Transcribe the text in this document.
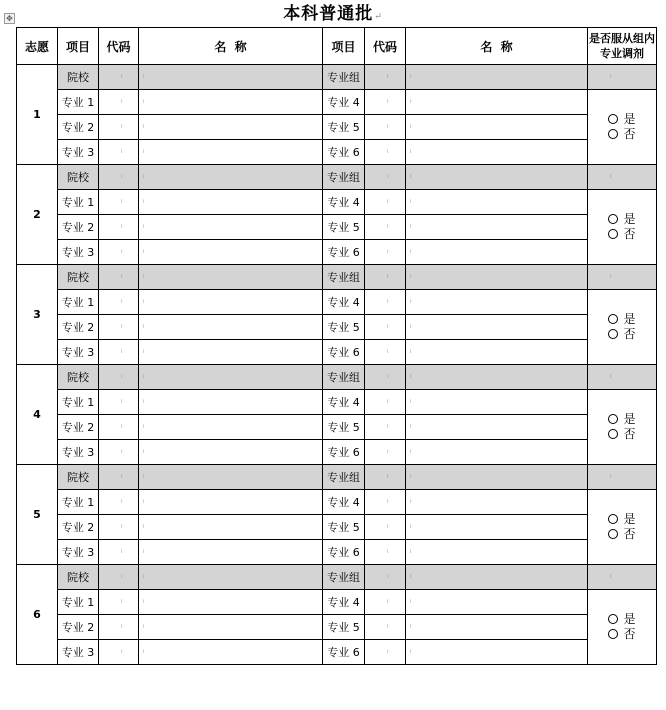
✥	本科普通批↵
志愿	项目	代码	名  称	项目	代码	名  称	是否服从组内专业调剂
1	院校	ᵢ	ᵢ	专业组	ᵢ	ᵢ	ᵢ
	专业 1	ᵢ	ᵢ	专业 4	ᵢ	ᵢ	是
否

	专业 2	ᵢ	ᵢ	专业 5	ᵢ	ᵢ
	专业 3	ᵢ	ᵢ	专业 6	ᵢ	ᵢ
2	院校	ᵢ	ᵢ	专业组	ᵢ	ᵢ	ᵢ
	专业 1	ᵢ	ᵢ	专业 4	ᵢ	ᵢ	是
否

	专业 2	ᵢ	ᵢ	专业 5	ᵢ	ᵢ
	专业 3	ᵢ	ᵢ	专业 6	ᵢ	ᵢ
3	院校	ᵢ	ᵢ	专业组	ᵢ	ᵢ	ᵢ
	专业 1	ᵢ	ᵢ	专业 4	ᵢ	ᵢ	是
否

	专业 2	ᵢ	ᵢ	专业 5	ᵢ	ᵢ
	专业 3	ᵢ	ᵢ	专业 6	ᵢ	ᵢ
4	院校	ᵢ	ᵢ	专业组	ᵢ	ᵢ	ᵢ
	专业 1	ᵢ	ᵢ	专业 4	ᵢ	ᵢ	是
否

	专业 2	ᵢ	ᵢ	专业 5	ᵢ	ᵢ
	专业 3	ᵢ	ᵢ	专业 6	ᵢ	ᵢ
5	院校	ᵢ	ᵢ	专业组	ᵢ	ᵢ	ᵢ
	专业 1	ᵢ	ᵢ	专业 4	ᵢ	ᵢ	是
否

	专业 2	ᵢ	ᵢ	专业 5	ᵢ	ᵢ
	专业 3	ᵢ	ᵢ	专业 6	ᵢ	ᵢ
6	院校	ᵢ	ᵢ	专业组	ᵢ	ᵢ	ᵢ
	专业 1	ᵢ	ᵢ	专业 4	ᵢ	ᵢ	是
否

	专业 2	ᵢ	ᵢ	专业 5	ᵢ	ᵢ
	专业 3	ᵢ	ᵢ	专业 6	ᵢ	ᵢ
